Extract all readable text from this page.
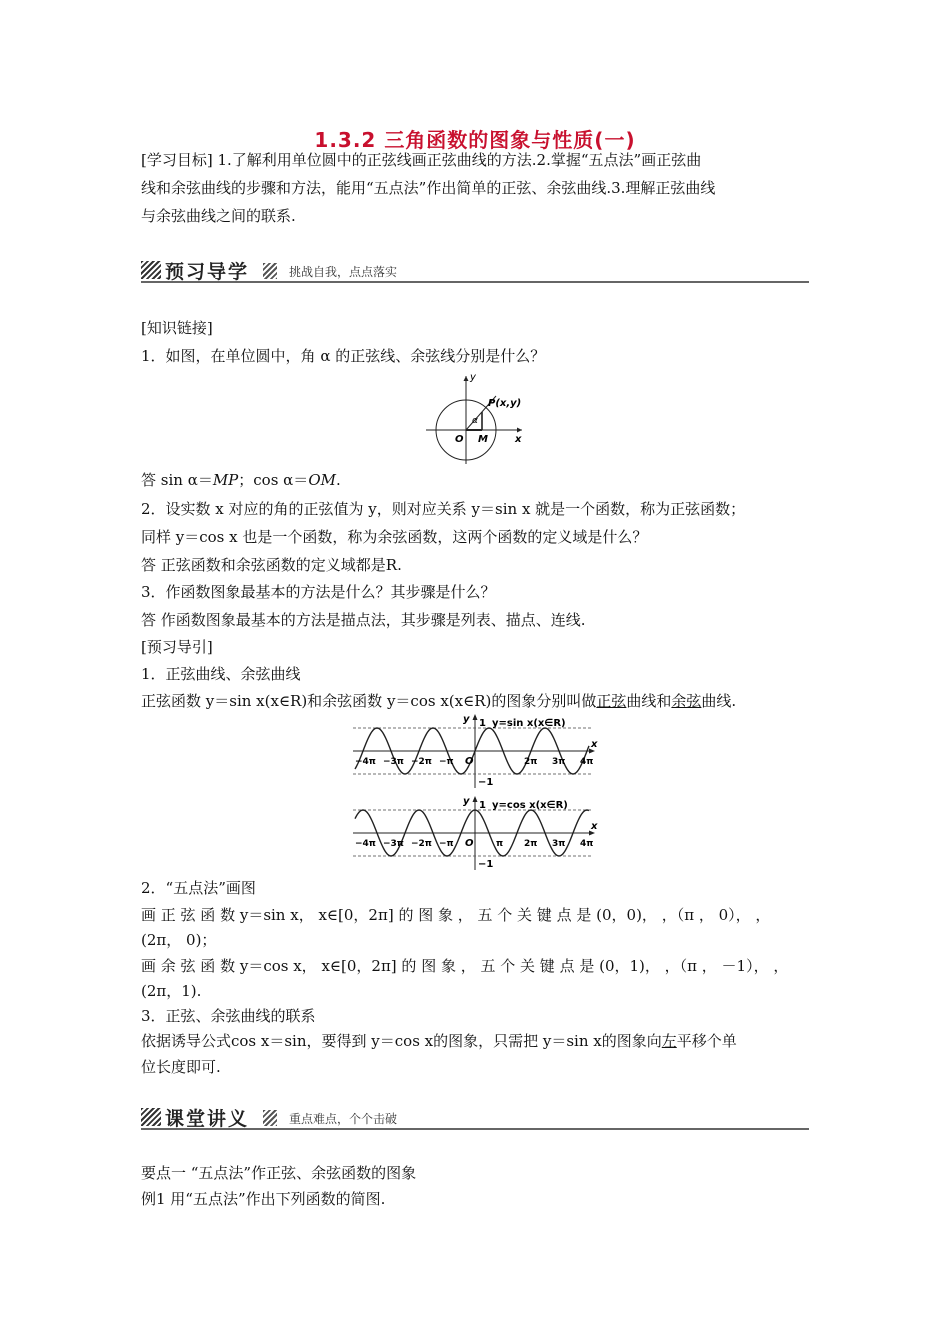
1.3.2 三角函数的图象与性质(一)
[学习目标] 1.了解利用单位圆中的正弦线画正弦曲线的方法.2.掌握“五点法”画正弦曲
线和余弦曲线的步骤和方法，能用“五点法”作出简单的正弦、余弦曲线.3.理解正弦曲线
与余弦曲线之间的联系.
预习导学	挑战自我，点点落实
[知识链接]
1．如图，在单位圆中，角 α 的正弦线、余弦线分别是什么？
y
x
P(x,y)
α
O M
答 sin α＝MP；cos α＝OM.
2．设实数 x 对应的角的正弦值为 y，则对应关系 y＝sin x 就是一个函数，称为正弦函数；
同样 y＝cos x 也是一个函数，称为余弦函数，这两个函数的定义域是什么？
答 正弦函数和余弦函数的定义域都是R.
3．作函数图象最基本的方法是什么？其步骤是什么？
答 作函数图象最基本的方法是描点法，其步骤是列表、描点、连线.
[预习导引]
1．正弦曲线、余弦曲线
正弦函数 y＝sin x(x∈R)和余弦函数 y＝cos x(x∈R)的图象分别叫做正弦曲线和余弦曲线.
y 1 y=sin x(x∈R)
x
O
−1
−4π −3π −2π −π	2π 3π 4π
y 1 y=cos x(x∈R)
x
O
−1
−4π −3π −2π −π	π 2π 3π 4π
2．“五点法”画图
画 正 弦 函 数 y＝sin x， x∈[0，2π] 的 图 象 ， 五 个 关 键 点 是 (0，0)， ，（π ， 0）， ，
(2π， 0)；
画 余 弦 函 数 y＝cos x， x∈[0，2π] 的 图 象 ， 五 个 关 键 点 是 (0，1)， ，（π ， －1）， ，
(2π，1).
3．正弦、余弦曲线的联系
依据诱导公式cos x＝sin，要得到 y＝cos x的图象，只需把 y＝sin x的图象向左平移个单
位长度即可.
课堂讲义	重点难点，个个击破
要点一 “五点法”作正弦、余弦函数的图象
例1 用“五点法”作出下列函数的简图.
